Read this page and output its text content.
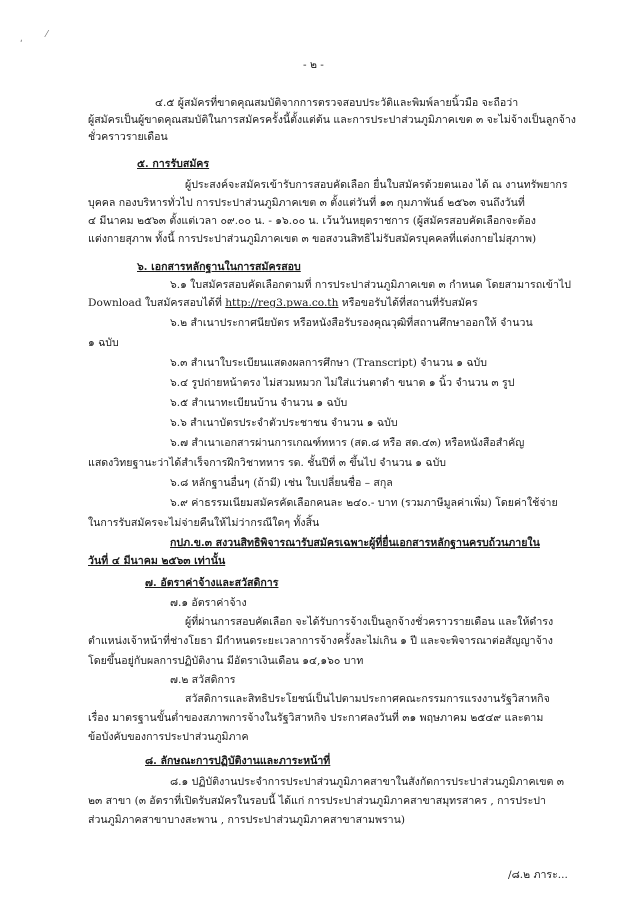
ʹ
⁄
- ๒ -
๔.๕ ผู้สมัครที่ขาดคุณสมบัติจากการตรวจสอบประวัติและพิมพ์ลายนิ้วมือ จะถือว่า
ผู้สมัครเป็นผู้ขาดคุณสมบัติในการสมัครครั้งนี้ตั้งแต่ต้น และการประปาส่วนภูมิภาคเขต ๓ จะไม่จ้างเป็นลูกจ้าง
ชั่วคราวรายเดือน
๕. การรับสมัคร
ผู้ประสงค์จะสมัครเข้ารับการสอบคัดเลือก ยื่นใบสมัครด้วยตนเอง ได้ ณ งานทรัพยากร
บุคคล กองบริหารทั่วไป การประปาส่วนภูมิภาคเขต ๓ ตั้งแต่วันที่ ๑๓ กุมภาพันธ์ ๒๕๖๓ จนถึงวันที่
๔ มีนาคม ๒๕๖๓ ตั้งแต่เวลา ๐๙.๐๐ น. - ๑๖.๐๐ น. เว้นวันหยุดราชการ (ผู้สมัครสอบคัดเลือกจะต้อง
แต่งกายสุภาพ ทั้งนี้ การประปาส่วนภูมิภาคเขต ๓ ขอสงวนสิทธิไม่รับสมัครบุคคลที่แต่งกายไม่สุภาพ)
๖. เอกสารหลักฐานในการสมัครสอบ
๖.๑ ใบสมัครสอบคัดเลือกตามที่ การประปาส่วนภูมิภาคเขต ๓ กำหนด โดยสามารถเข้าไป
Download ใบสมัครสอบได้ที่ http://reg3.pwa.co.th หรือขอรับได้ที่สถานที่รับสมัคร
๖.๒ สำเนาประกาศนียบัตร หรือหนังสือรับรองคุณวุฒิที่สถานศึกษาออกให้ จำนวน
๑ ฉบับ
๖.๓ สำเนาใบระเบียนแสดงผลการศึกษา (Transcript) จำนวน ๑ ฉบับ
๖.๔ รูปถ่ายหน้าตรง ไม่สวมหมวก ไม่ใส่แว่นตาดำ ขนาด ๑ นิ้ว จำนวน ๓ รูป
๖.๕ สำเนาทะเบียนบ้าน จำนวน ๑ ฉบับ
๖.๖ สำเนาบัตรประจำตัวประชาชน จำนวน ๑ ฉบับ
๖.๗ สำเนาเอกสารผ่านการเกณฑ์ทหาร (สด.๘ หรือ สด.๔๓) หรือหนังสือสำคัญ
แสดงวิทยฐานะว่าได้สำเร็จการฝึกวิชาทหาร รด. ชั้นปีที่ ๓ ขึ้นไป จำนวน ๑ ฉบับ
๖.๘ หลักฐานอื่นๆ (ถ้ามี) เช่น ใบเปลี่ยนชื่อ – สกุล
๖.๙ ค่าธรรมเนียมสมัครคัดเลือกคนละ ๒๔๐.- บาท (รวมภาษีมูลค่าเพิ่ม) โดยค่าใช้จ่าย
ในการรับสมัครจะไม่จ่ายคืนให้ไม่ว่ากรณีใดๆ ทั้งสิ้น
กปภ.ข.๓ สงวนสิทธิพิจารณารับสมัครเฉพาะผู้ที่ยื่นเอกสารหลักฐานครบถ้วนภายใน
วันที่ ๔ มีนาคม ๒๕๖๓ เท่านั้น
๗. อัตราค่าจ้างและสวัสดิการ
๗.๑ อัตราค่าจ้าง
ผู้ที่ผ่านการสอบคัดเลือก จะได้รับการจ้างเป็นลูกจ้างชั่วคราวรายเดือน และให้ดำรง
ตำแหน่งเจ้าหน้าที่ช่างโยธา มีกำหนดระยะเวลาการจ้างครั้งละไม่เกิน ๑ ปี และจะพิจารณาต่อสัญญาจ้าง
โดยขึ้นอยู่กับผลการปฏิบัติงาน มีอัตราเงินเดือน ๑๔,๑๖๐ บาท
๗.๒ สวัสดิการ
สวัสดิการและสิทธิประโยชน์เป็นไปตามประกาศคณะกรรมการแรงงานรัฐวิสาหกิจ
เรื่อง มาตรฐานขั้นต่ำของสภาพการจ้างในรัฐวิสาหกิจ ประกาศลงวันที่ ๓๑ พฤษภาคม ๒๕๔๙ และตาม
ข้อบังคับของการประปาส่วนภูมิภาค
๘. ลักษณะการปฏิบัติงานและภาระหน้าที่
๘.๑ ปฏิบัติงานประจำการประปาส่วนภูมิภาคสาขาในสังกัดการประปาส่วนภูมิภาคเขต ๓
๒๓ สาขา (๓ อัตราที่เปิดรับสมัครในรอบนี้ ได้แก่ การประปาส่วนภูมิภาคสาขาสมุทรสาคร , การประปา
ส่วนภูมิภาคสาขาบางสะพาน , การประปาส่วนภูมิภาคสาขาสามพราน)
/๘.๒ ภาระ...
